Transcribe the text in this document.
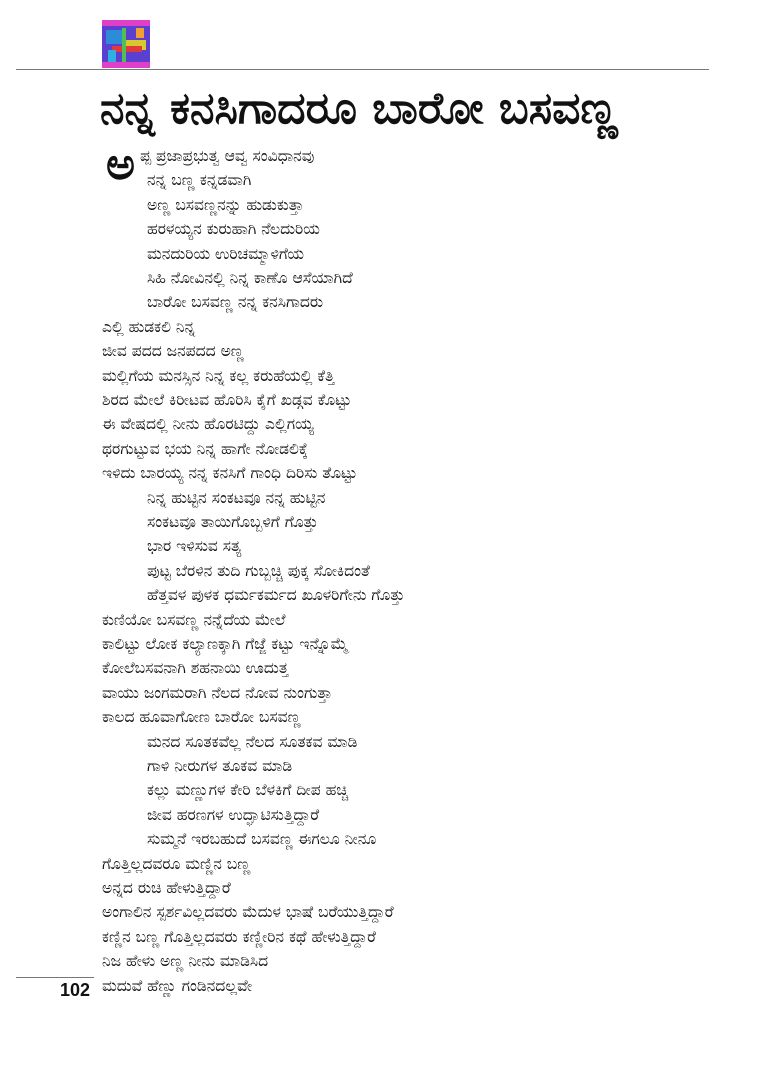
ನನ್ನ ಕನಸಿಗಾದರೂ ಬಾರೋ ಬಸವಣ್ಣ
ಅ ಪ್ಪ ಪ್ರಜಾಪ್ರಭುತ್ವ ಆವ್ವ ಸಂವಿಧಾನವು
ನನ್ನ ಬಣ್ಣ ಕನ್ನಡವಾಗಿ
ಅಣ್ಣ ಬಸವಣ್ಣನನ್ನು ಹುಡುಕುತ್ತಾ
ಹರಳಯ್ಯನ ಕುರುಹಾಗಿ ನೆಲದುರಿಯ
ಮನದುರಿಯ ಉರಿಚಮ್ಮಾಳಿಗೆಯ
ಸಿಹಿ ನೋವಿನಲ್ಲಿ ನಿನ್ನ ಕಾಣೊ ಆಸೆಯಾಗಿದೆ
ಬಾರೋ ಬಸವಣ್ಣ ನನ್ನ ಕನಸಿಗಾದರು
ಎಲ್ಲಿ ಹುಡಕಲಿ ನಿನ್ನ
ಜೀವ ಪದದ ಜನಪದದ ಅಣ್ಣ
ಮಲ್ಲಿಗೆಯ ಮನಸ್ಸಿನ ನಿನ್ನ ಕಲ್ಲ ಕರುಹೆಯಲ್ಲಿ ಕೆತ್ತಿ
ಶಿರದ ಮೇಲೆ ಕಿರೀಟವ ಹೊರಿಸಿ ಕೈಗೆ ಖಡ್ಗವ ಕೊಟ್ಟು
ಈ ವೇಷದಲ್ಲಿ ನೀನು ಹೊರಟಿದ್ದು ಎಲ್ಲಿಗಯ್ಯ
ಥರಗುಟ್ಟುವ ಭಯ ನಿನ್ನ ಹಾಗೇ ನೋಡಲಿಕ್ಕೆ
ಇಳಿದು ಬಾರಯ್ಯ ನನ್ನ ಕನಸಿಗೆ ಗಾಂಧಿ ದಿರಿಸು ತೊಟ್ಟು
ನಿನ್ನ ಹುಟ್ಟಿನ ಸಂಕಟವೂ ನನ್ನ ಹುಟ್ಟಿನ
ಸಂಕಟವೂ ತಾಯಿಗೊಬ್ಬಳಿಗೆ ಗೊತ್ತು
ಭಾರ ಇಳಿಸುವ ಸತ್ಯ
ಪುಟ್ಟ ಬೆರಳಿನ ತುದಿ ಗುಬ್ಬಚ್ಚಿ ಪುಕ್ಕ ಸೋಕಿದಂತೆ
ಹೆತ್ತವಳ ಪುಳಕ ಧರ್ಮಕರ್ಮದ ಖೂಳರಿಗೇನು ಗೊತ್ತು
ಕುಣಿಯೋ ಬಸವಣ್ಣ ನನ್ನೆದೆಯ ಮೇಲೆ
ಕಾಲಿಟ್ಟು ಲೋಕ ಕಲ್ಯಾಣಕ್ಕಾಗಿ ಗೆಜ್ಜೆ ಕಟ್ಟು ಇನ್ನೊಮ್ಮೆ
ಕೋಲೆಬಸವನಾಗಿ ಶಹನಾಯಿ ಊದುತ್ತ
ವಾಯು ಜಂಗಮರಾಗಿ ನೆಲದ ನೋವ ನುಂಗುತ್ತಾ
ಕಾಲದ ಹೂವಾಗೋಣ ಬಾರೋ ಬಸವಣ್ಣ
ಮನದ ಸೂತಕವೆಲ್ಲ ನೆಲದ ಸೂತಕವ ಮಾಡಿ
ಗಾಳಿ ನೀರುಗಳ ತೂಕವ ಮಾಡಿ
ಕಲ್ಲು ಮಣ್ಣುಗಳ ಕೇರಿ ಬೆಳಕಿಗೆ ದೀಪ ಹಚ್ಚಿ
ಜೀವ ಹರಣಗಳ ಉದ್ಘಾಟಿಸುತ್ತಿದ್ದಾರೆ
ಸುಮ್ಮನೆ ಇರಬಹುದೆ ಬಸವಣ್ಣ ಈಗಲೂ ನೀನೂ
ಗೊತ್ತಿಲ್ಲದವರೂ ಮಣ್ಣಿನ ಬಣ್ಣ
ಅನ್ನದ ರುಚಿ ಹೇಳುತ್ತಿದ್ದಾರೆ
ಅಂಗಾಲಿನ ಸ್ಪರ್ಶವಿಲ್ಲದವರು ಮೆದುಳ ಭಾಷೆ ಬರೆಯುತ್ತಿದ್ದಾರೆ
ಕಣ್ಣಿನ ಬಣ್ಣ ಗೊತ್ತಿಲ್ಲದವರು ಕಣ್ಣೀರಿನ ಕಥೆ ಹೇಳುತ್ತಿದ್ದಾರೆ
ನಿಜ ಹೇಳು ಅಣ್ಣ ನೀನು ಮಾಡಿಸಿದ
ಮದುವೆ ಹೆಣ್ಣು ಗಂಡಿನದಲ್ಲವೇ
102
